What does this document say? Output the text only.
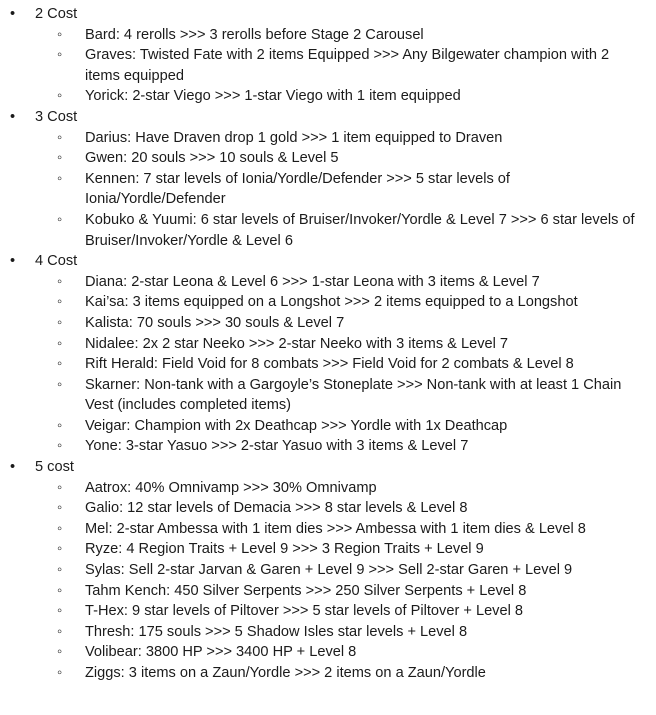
• 2 Cost
◦ Bard: 4 rerolls >>> 3 rerolls before Stage 2 Carousel
◦ Graves: Twisted Fate with 2 items Equipped >>> Any Bilgewater champion with 2 items equipped
◦ Yorick: 2-star Viego >>> 1-star Viego with 1 item equipped
• 3 Cost
◦ Darius: Have Draven drop 1 gold >>> 1 item equipped to Draven
◦ Gwen: 20 souls >>> 10 souls & Level 5
◦ Kennen: 7 star levels of Ionia/Yordle/Defender >>> 5 star levels of Ionia/Yordle/Defender
◦ Kobuko & Yuumi: 6 star levels of Bruiser/Invoker/Yordle & Level 7 >>> 6 star levels of Bruiser/Invoker/Yordle & Level 6
• 4 Cost
◦ Diana: 2-star Leona & Level 6 >>> 1-star Leona with 3 items & Level 7
◦ Kai’sa: 3 items equipped on a Longshot >>> 2 items equipped to a Longshot
◦ Kalista: 70 souls >>> 30 souls & Level 7
◦ Nidalee: 2x 2 star Neeko >>> 2-star Neeko with 3 items & Level 7
◦ Rift Herald: Field Void for 8 combats >>> Field Void for 2 combats & Level 8
◦ Skarner: Non-tank with a Gargoyle’s Stoneplate >>> Non-tank with at least 1 Chain Vest (includes completed items)
◦ Veigar: Champion with 2x Deathcap >>> Yordle with 1x Deathcap
◦ Yone: 3-star Yasuo >>> 2-star Yasuo with 3 items & Level 7
• 5 cost
◦ Aatrox: 40% Omnivamp >>> 30% Omnivamp
◦ Galio: 12 star levels of Demacia >>> 8 star levels & Level 8
◦ Mel: 2-star Ambessa with 1 item dies >>> Ambessa with 1 item dies & Level 8
◦ Ryze: 4 Region Traits + Level 9 >>> 3 Region Traits + Level 9
◦ Sylas: Sell 2-star Jarvan & Garen + Level 9 >>> Sell 2-star Garen + Level 9
◦ Tahm Kench: 450 Silver Serpents >>> 250 Silver Serpents + Level 8
◦ T-Hex: 9 star levels of Piltover >>> 5 star levels of Piltover + Level 8
◦ Thresh: 175 souls >>> 5 Shadow Isles star levels + Level 8
◦ Volibear: 3800 HP >>> 3400 HP + Level 8
◦ Ziggs: 3 items on a Zaun/Yordle >>> 2 items on a Zaun/Yordle
